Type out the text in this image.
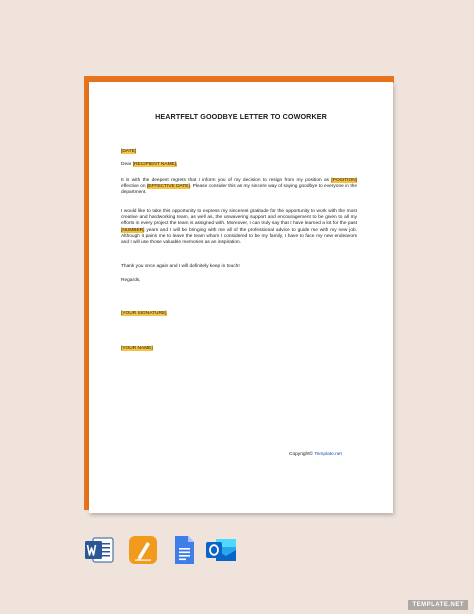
HEARTFELT GOODBYE LETTER TO COWORKER
[DATE]
Dear [RECIPIENT NAME],
It is with the deepest regrets that I inform you of my decision to resign from my position as [POSITION] effective on [EFFECTIVE DATE]. Please consider this as my sincere way of saying goodbye to everyone in the department.
I would like to take this opportunity to express my sincerest gratitude for the opportunity to work with the most creative and hardworking team, as well as, the unwavering support and encouragement to be given to all my efforts in every project the team is assigned with. Moreover, I can truly say that I have learned a lot for the past [NUMBER] years and I will be bringing with me all of the professional advice to guide me with my new job. Although it pains me to leave the team whom I considered to be my family, I have to face my new endeavors and I will use those valuable memories as an inspiration.
Thank you once again and I will definitely keep in touch!
Regards,
[YOUR SIGNATURE]
[YOUR NAME]
Copyright© Template.net
TEMPLATE.NET
